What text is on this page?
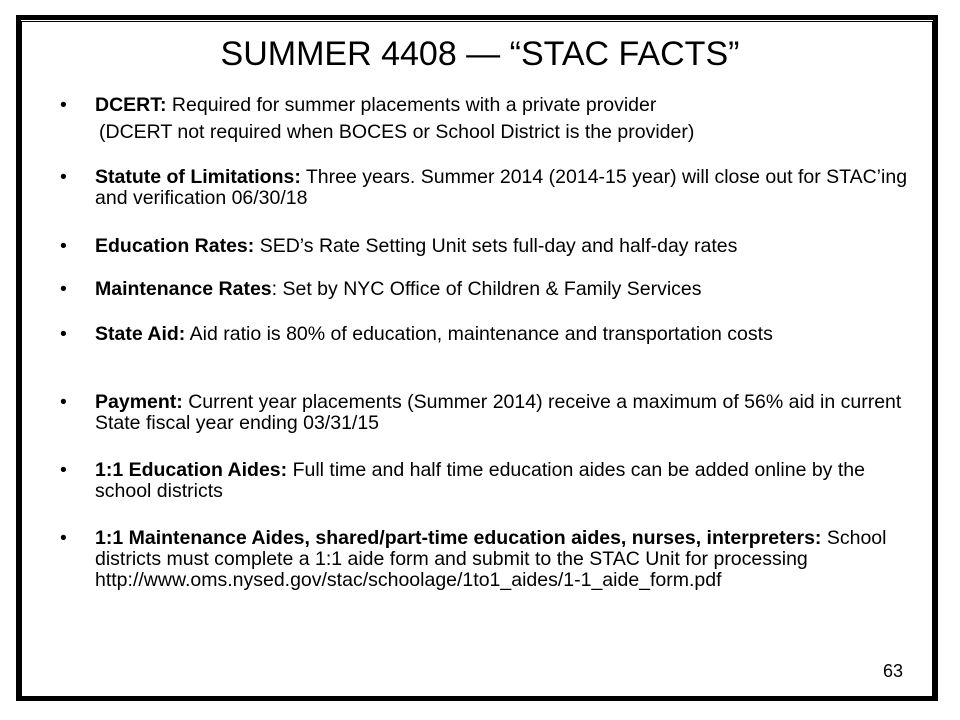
SUMMER 4408 — “STAC FACTS”
• DCERT: Required for summer placements with a private provider
(DCERT not required when BOCES or School District is the provider)
• Statute of Limitations: Three years. Summer 2014 (2014-15 year) will close out for STAC’ing and verification 06/30/18
• Education Rates: SED’s Rate Setting Unit sets full-day and half-day rates
• Maintenance Rates: Set by NYC Office of Children & Family Services
• State Aid: Aid ratio is 80% of education, maintenance and transportation costs
• Payment: Current year placements (Summer 2014) receive a maximum of 56% aid in current State fiscal year ending 03/31/15
• 1:1 Education Aides: Full time and half time education aides can be added online by the school districts
• 1:1 Maintenance Aides, shared/part-time education aides, nurses, interpreters: School districts must complete a 1:1 aide form and submit to the STAC Unit for processing
http://www.oms.nysed.gov/stac/schoolage/1to1_aides/1-1_aide_form.pdf
63
